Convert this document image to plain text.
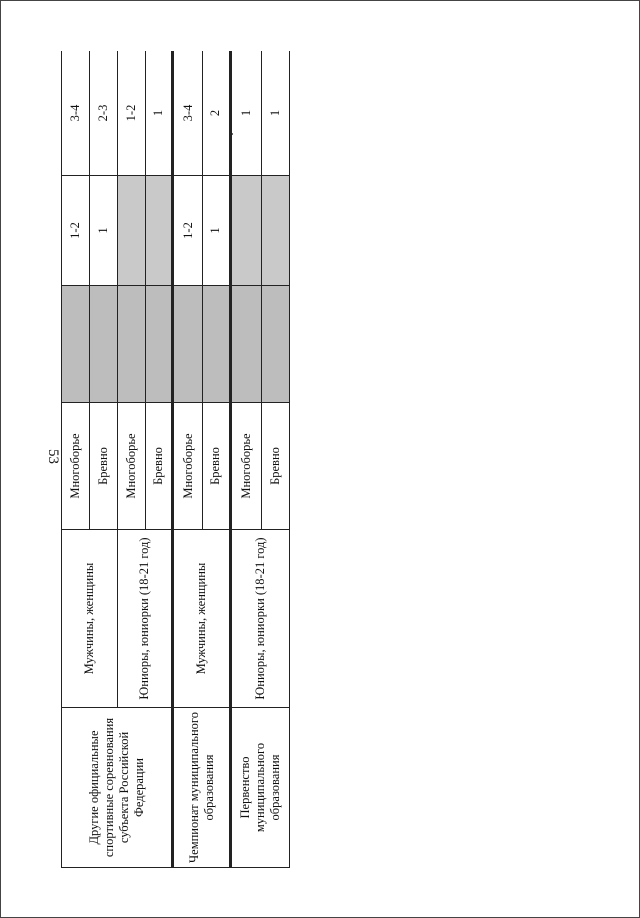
53
Другие официальные спортивные соревнования субъекта Российской Федерации	Мужчины, женщины	Многоборье		1-2	3-4
		Бревно		1	2-3
	Юниоры, юниорки (18-21 год)	Многоборье			1-2
		Бревно			1
Чемпионат муниципального образования	Мужчины, женщины	Многоборье		1-2	3-4
		Бревно		1	2
Первенство муниципального образования	Юниоры, юниорки (18-21 год)	Многоборье			1
		Бревно			1
